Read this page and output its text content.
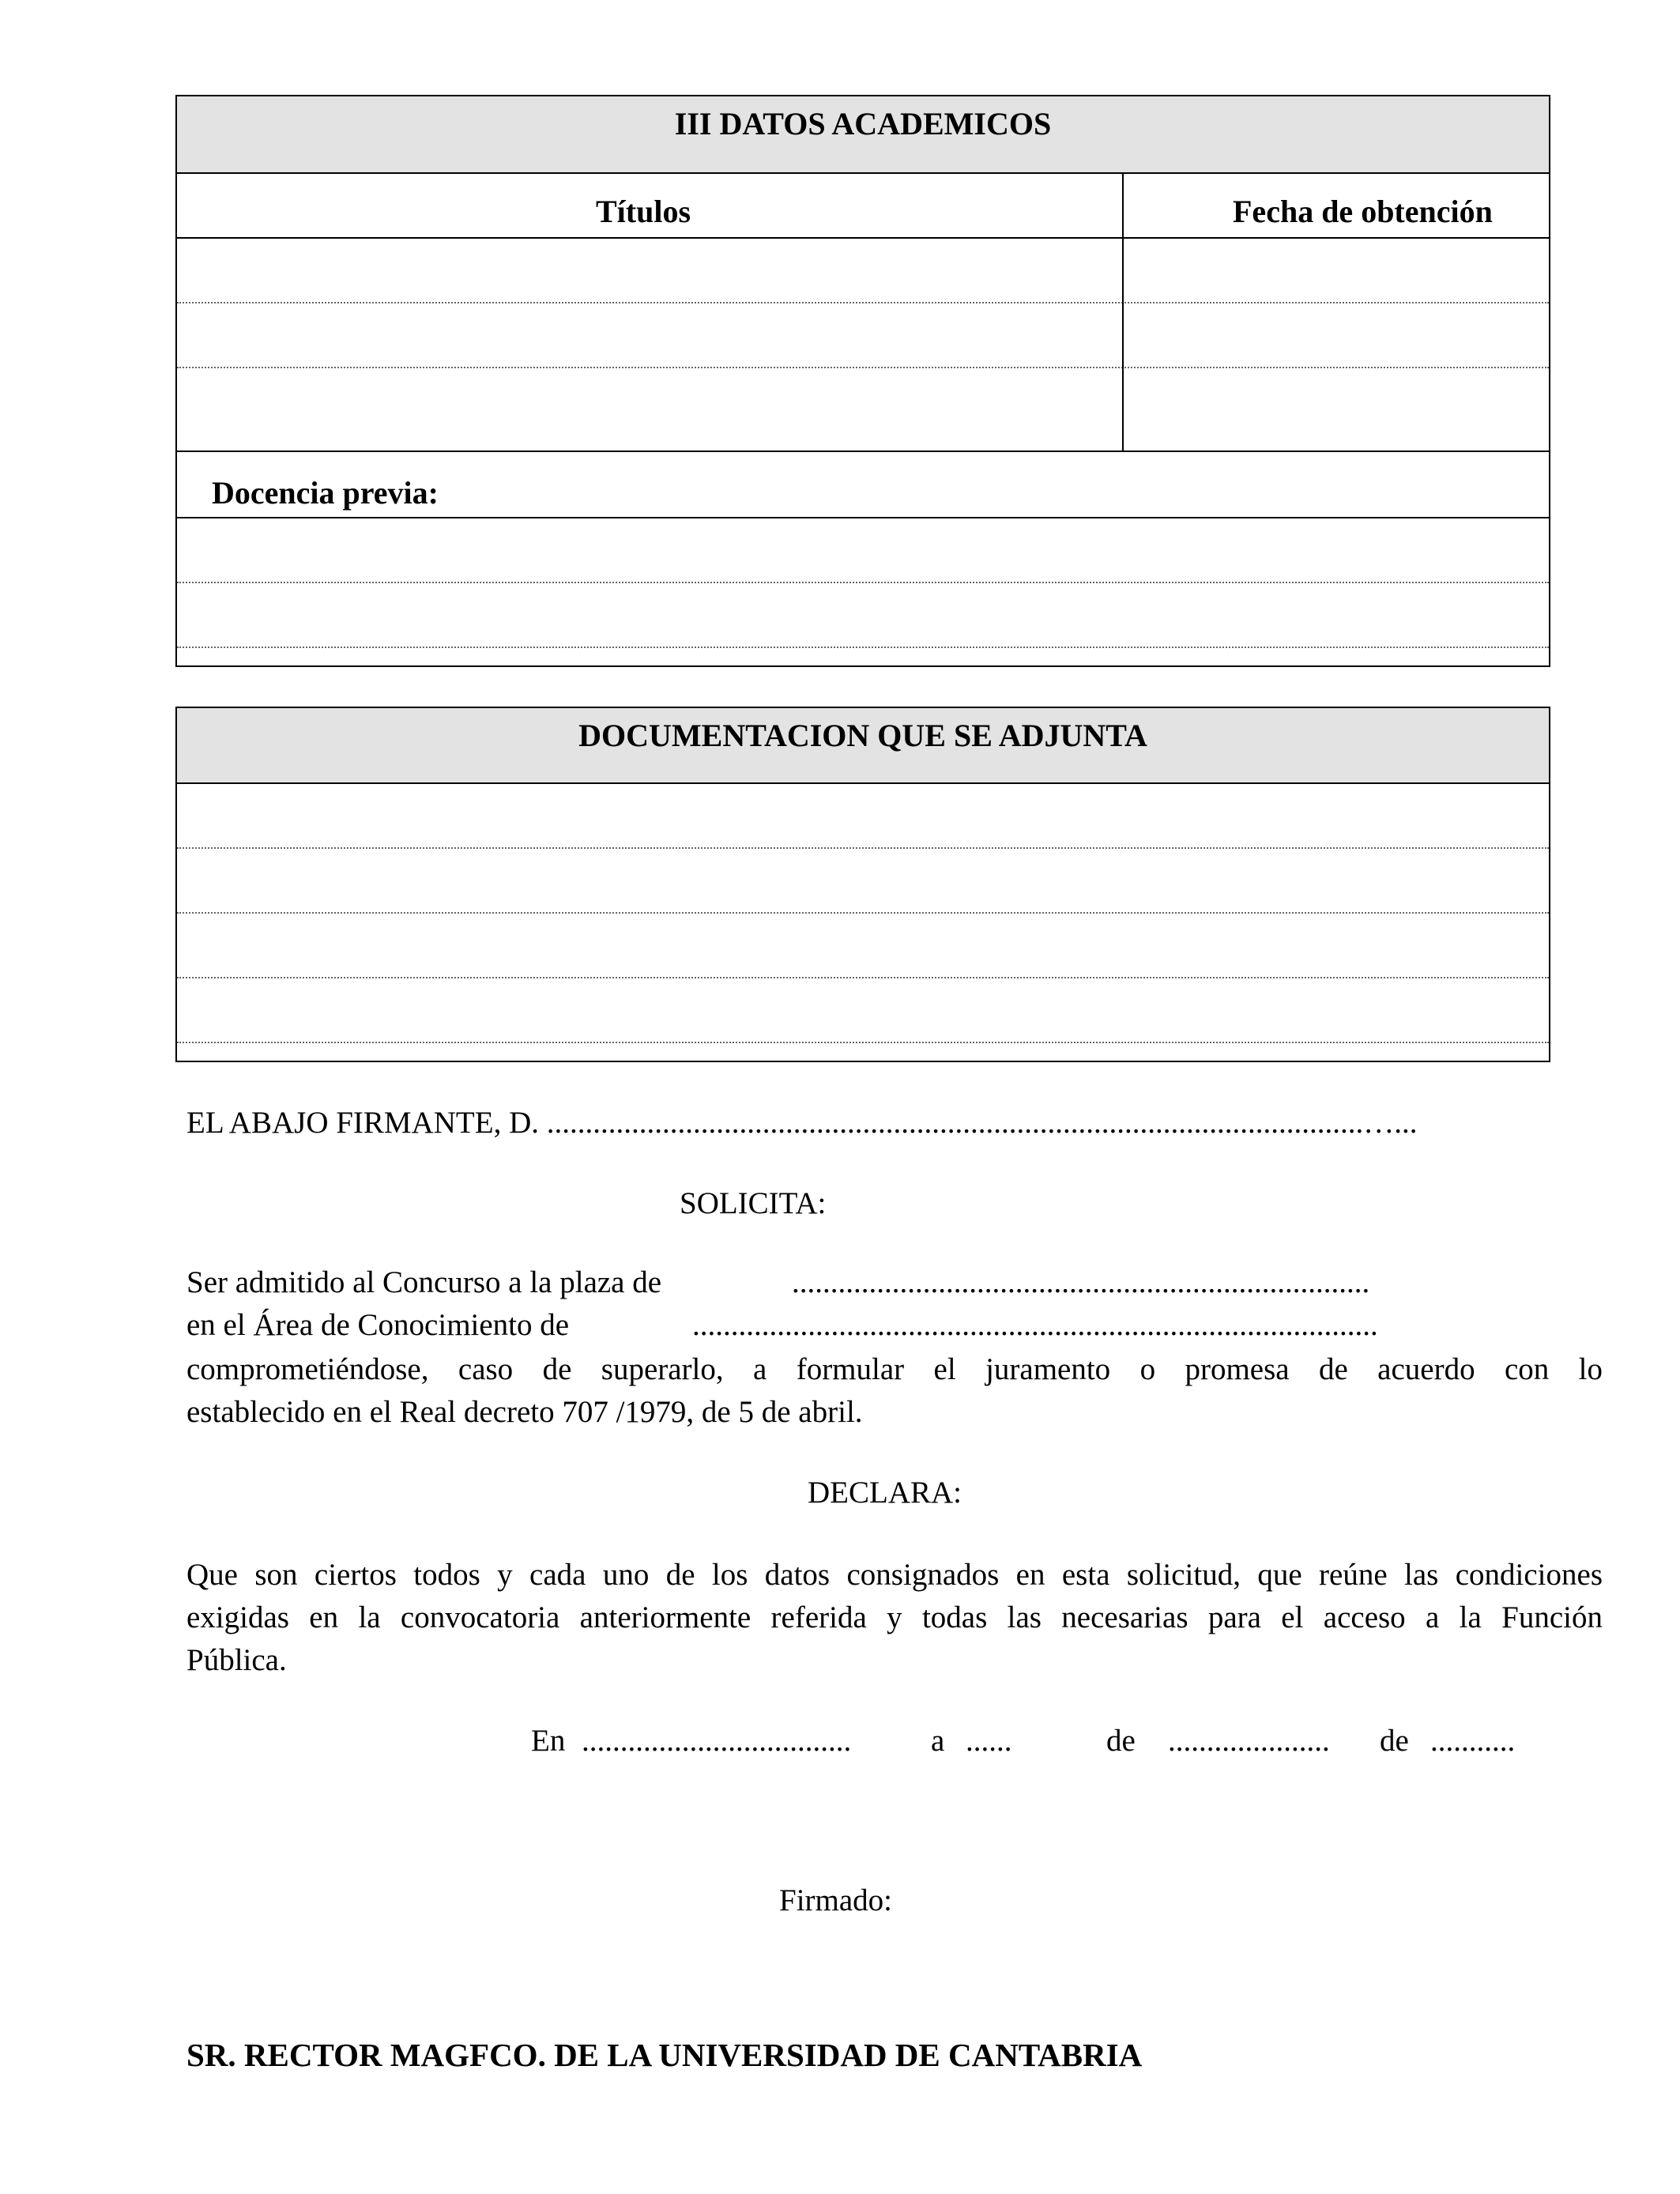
III DATOS ACADEMICOS
Títulos	Fecha de obtención
Docencia previa:
DOCUMENTACION QUE SE ADJUNTA
EL ABAJO FIRMANTE, D. ..........................................................................................................…...
SOLICITA:
Ser admitido al Concurso a la plaza de	...........................................................................
en el Área de Conocimiento de	.........................................................................................
comprometiéndose, caso de superarlo, a formular el juramento o promesa de acuerdo con lo
establecido en el Real decreto 707 /1979, de 5 de abril.
DECLARA:
Que son ciertos todos y cada uno de los datos consignados en esta solicitud, que reúne las condiciones
exigidas en la convocatoria anteriormente referida y todas las necesarias para el acceso a la Función
Pública.
En ...................................	a ......	de ..................... de ...........
Firmado:
SR. RECTOR MAGFCO. DE LA UNIVERSIDAD DE CANTABRIA
